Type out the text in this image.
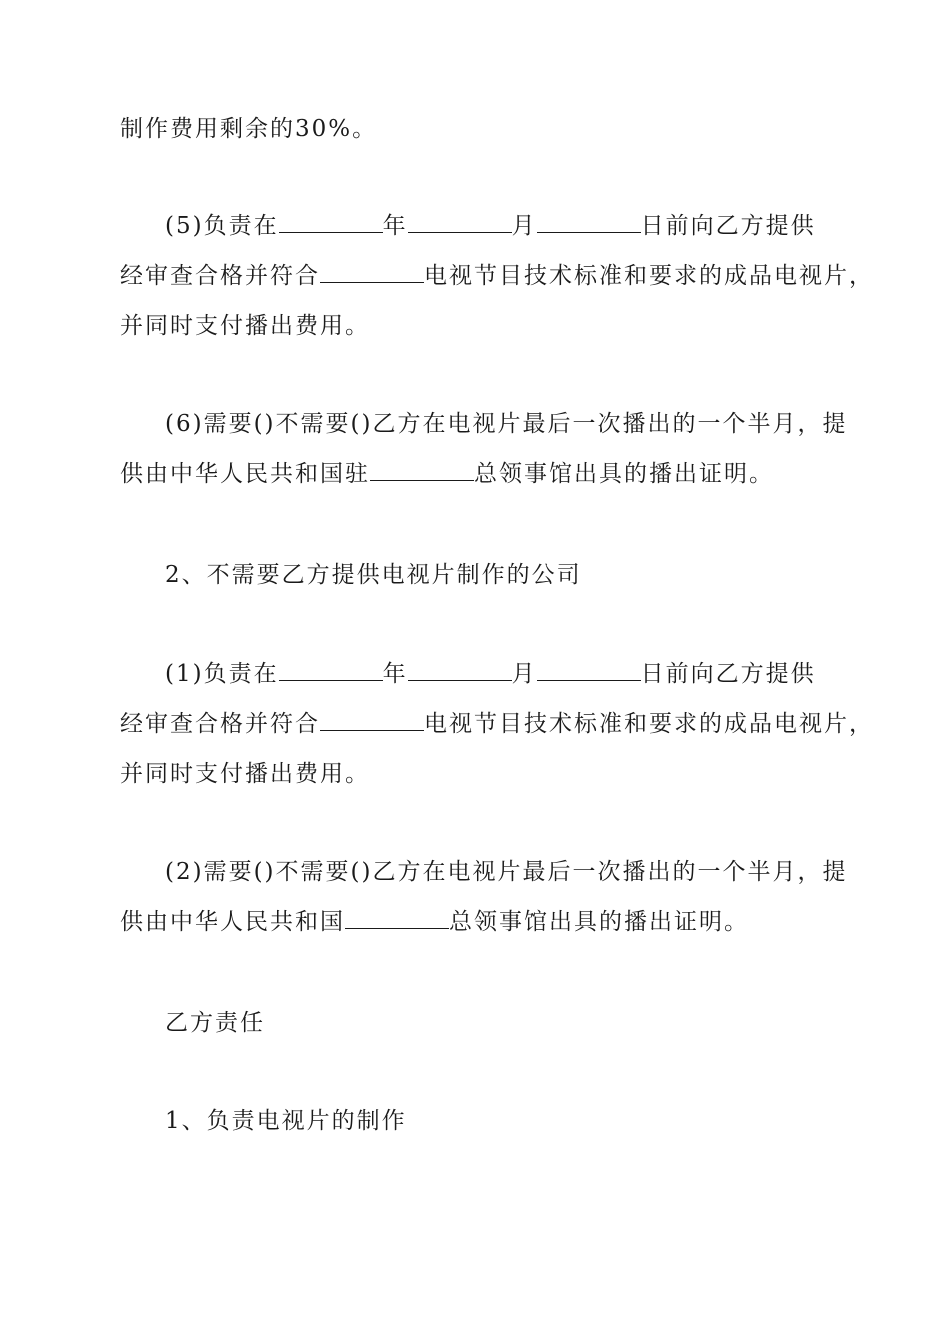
制作费用剩余的30%。
(5)负责在	年	月	日前向乙方提供
经审查合格并符合	电视节目技术标准和要求的成品电视片，
并同时支付播出费用。
(6)需要()不需要()乙方在电视片最后一次播出的一个半月，提
供由中华人民共和国驻	总领事馆出具的播出证明。
2、不需要乙方提供电视片制作的公司
(1)负责在	年	月	日前向乙方提供
经审查合格并符合	电视节目技术标准和要求的成品电视片，
并同时支付播出费用。
(2)需要()不需要()乙方在电视片最后一次播出的一个半月，提
供由中华人民共和国	总领事馆出具的播出证明。
乙方责任
1、负责电视片的制作
